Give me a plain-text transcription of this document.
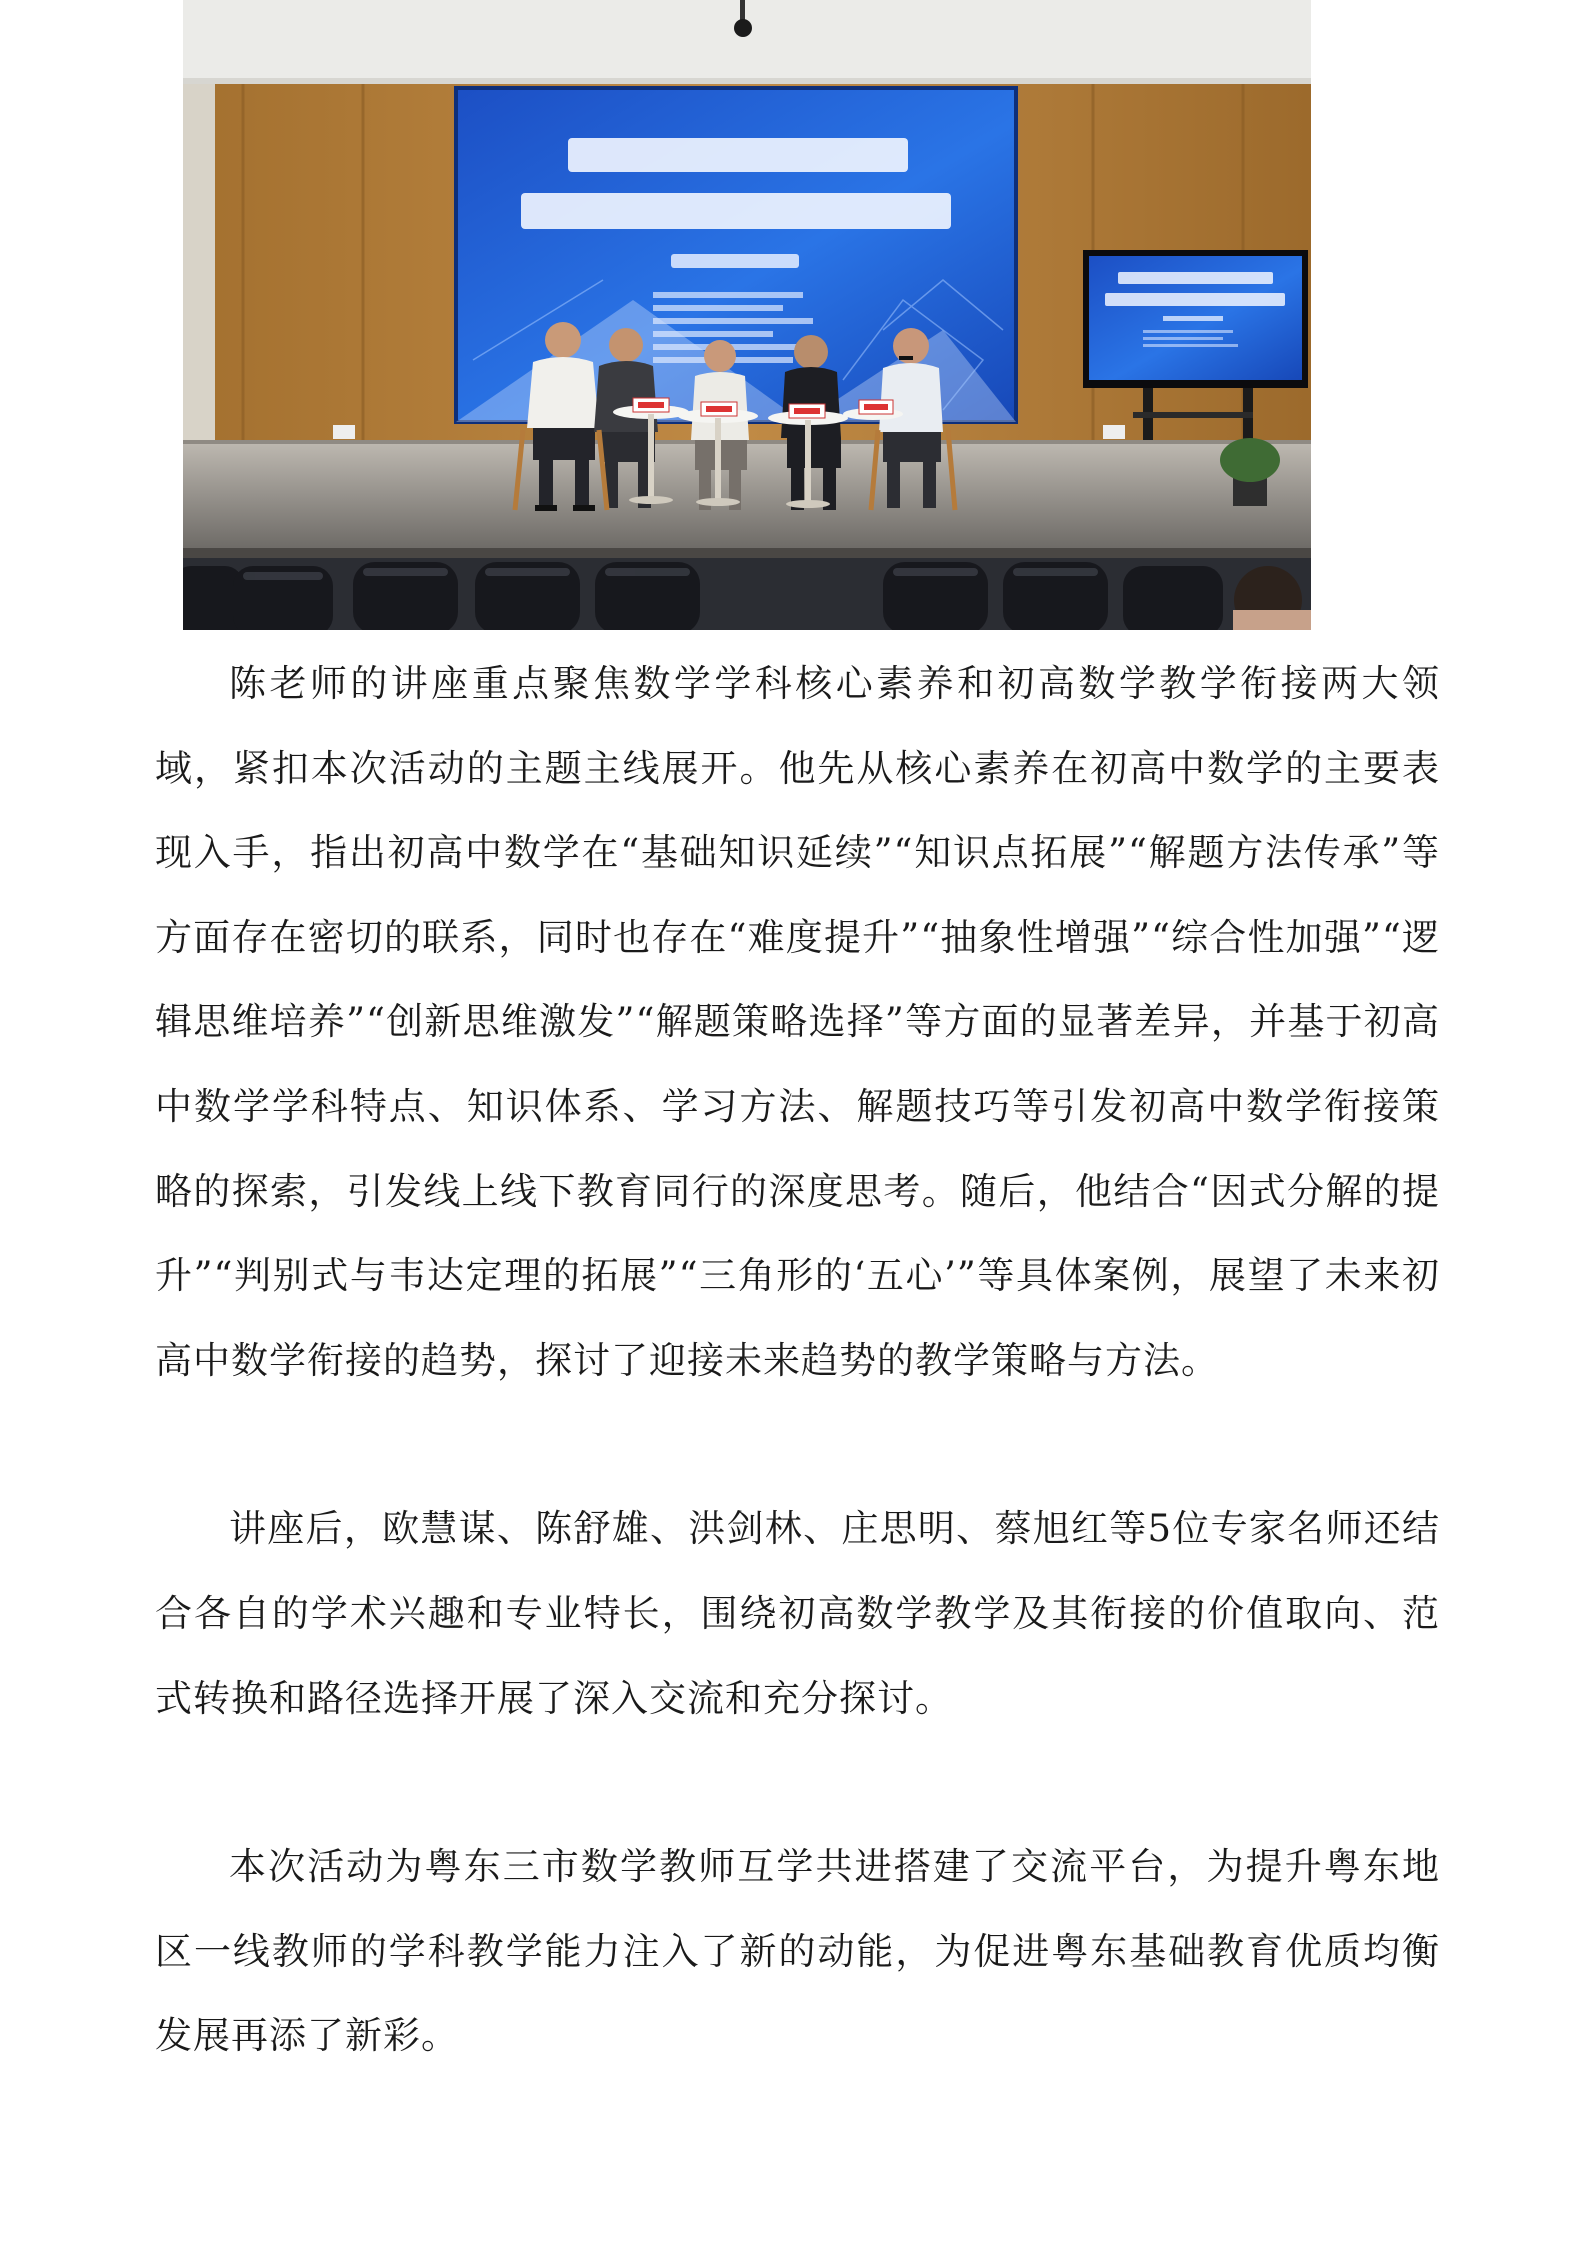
陈老师的讲座重点聚焦数学学科核心素养和初高数学教学衔接两大领域，紧扣本次活动的主题主线展开。他先从核心素养在初高中数学的主要表现入手，指出初高中数学在“基础知识延续”“知识点拓展”“解题方法传承”等方面存在密切的联系，同时也存在“难度提升”“抽象性增强”“综合性加强”“逻辑思维培养”“创新思维激发”“解题策略选择”等方面的显著差异，并基于初高中数学学科特点、知识体系、学习方法、解题技巧等引发初高中数学衔接策略的探索，引发线上线下教育同行的深度思考。随后，他结合“因式分解的提升”“判别式与韦达定理的拓展”“三角形的‘五心’”等具体案例，展望了未来初高中数学衔接的趋势，探讨了迎接未来趋势的教学策略与方法。

讲座后，欧慧谋、陈舒雄、洪剑林、庄思明、蔡旭红等5位专家名师还结合各自的学术兴趣和专业特长，围绕初高数学教学及其衔接的价值取向、范式转换和路径选择开展了深入交流和充分探讨。

本次活动为粤东三市数学教师互学共进搭建了交流平台，为提升粤东地区一线教师的学科教学能力注入了新的动能，为促进粤东基础教育优质均衡发展再添了新彩。
